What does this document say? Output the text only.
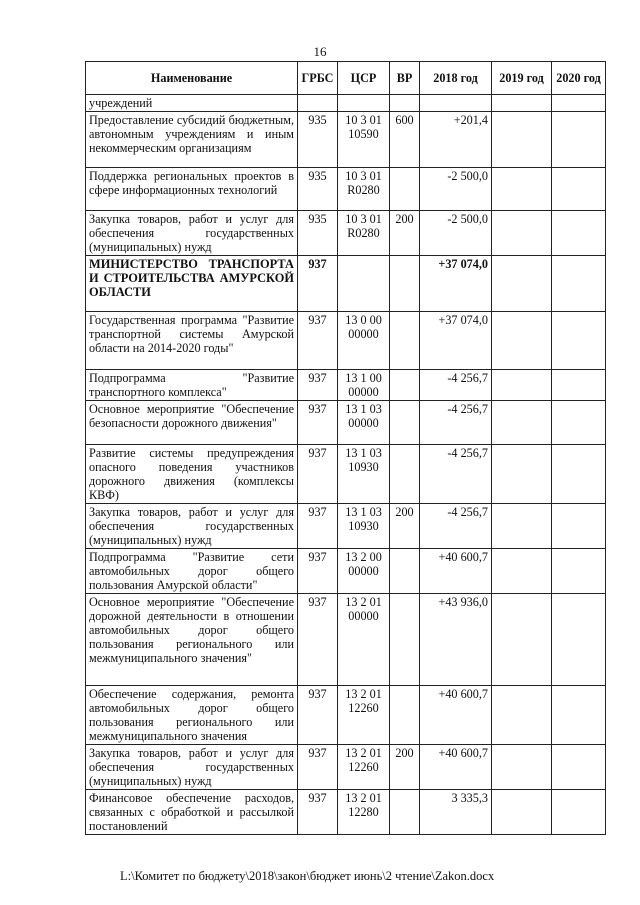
16
Наименование	ГРБС	ЦСР	ВР	2018 год	2019 год	2020 год
учреждений						
Предоставление субсидий бюджетным, автономным учреждениям и иным некоммерческим организациям	935	10 3 01 10590	600	+201,4		
Поддержка региональных проектов в сфере информационных технологий	935	10 3 01 R0280		-2 500,0		
Закупка товаров, работ и услуг для обеспечения государственных (муниципальных) нужд	935	10 3 01 R0280	200	-2 500,0		
МИНИСТЕРСТВО ТРАНСПОРТА И СТРОИТЕЛЬСТВА АМУРСКОЙ ОБЛАСТИ	937			+37 074,0		
Государственная программа "Развитие транспортной системы Амурской области на 2014-2020 годы"	937	13 0 00 00000		+37 074,0		
Подпрограмма "Развитие транспортного комплекса"	937	13 1 00 00000		-4 256,7		
Основное мероприятие "Обеспечение безопасности дорожного движения"	937	13 1 03 00000		-4 256,7		
Развитие системы предупреждения опасного поведения участников дорожного движения (комплексы КВФ)	937	13 1 03 10930		-4 256,7		
Закупка товаров, работ и услуг для обеспечения государственных (муниципальных) нужд	937	13 1 03 10930	200	-4 256,7		
Подпрограмма "Развитие сети автомобильных дорог общего пользования Амурской области"	937	13 2 00 00000		+40 600,7		
Основное мероприятие "Обеспечение дорожной деятельности в отношении автомобильных дорог общего пользования регионального или межмуниципального значения"	937	13 2 01 00000		+43 936,0		
Обеспечение содержания, ремонта автомобильных дорог общего пользования регионального или межмуниципального значения	937	13 2 01 12260		+40 600,7		
Закупка товаров, работ и услуг для обеспечения государственных (муниципальных) нужд	937	13 2 01 12260	200	+40 600,7		
Финансовое обеспечение расходов, связанных с обработкой и рассылкой постановлений	937	13 2 01 12280		3 335,3		
L:\Комитет по бюджету\2018\закон\бюджет июнь\2 чтение\Zakon.docx
